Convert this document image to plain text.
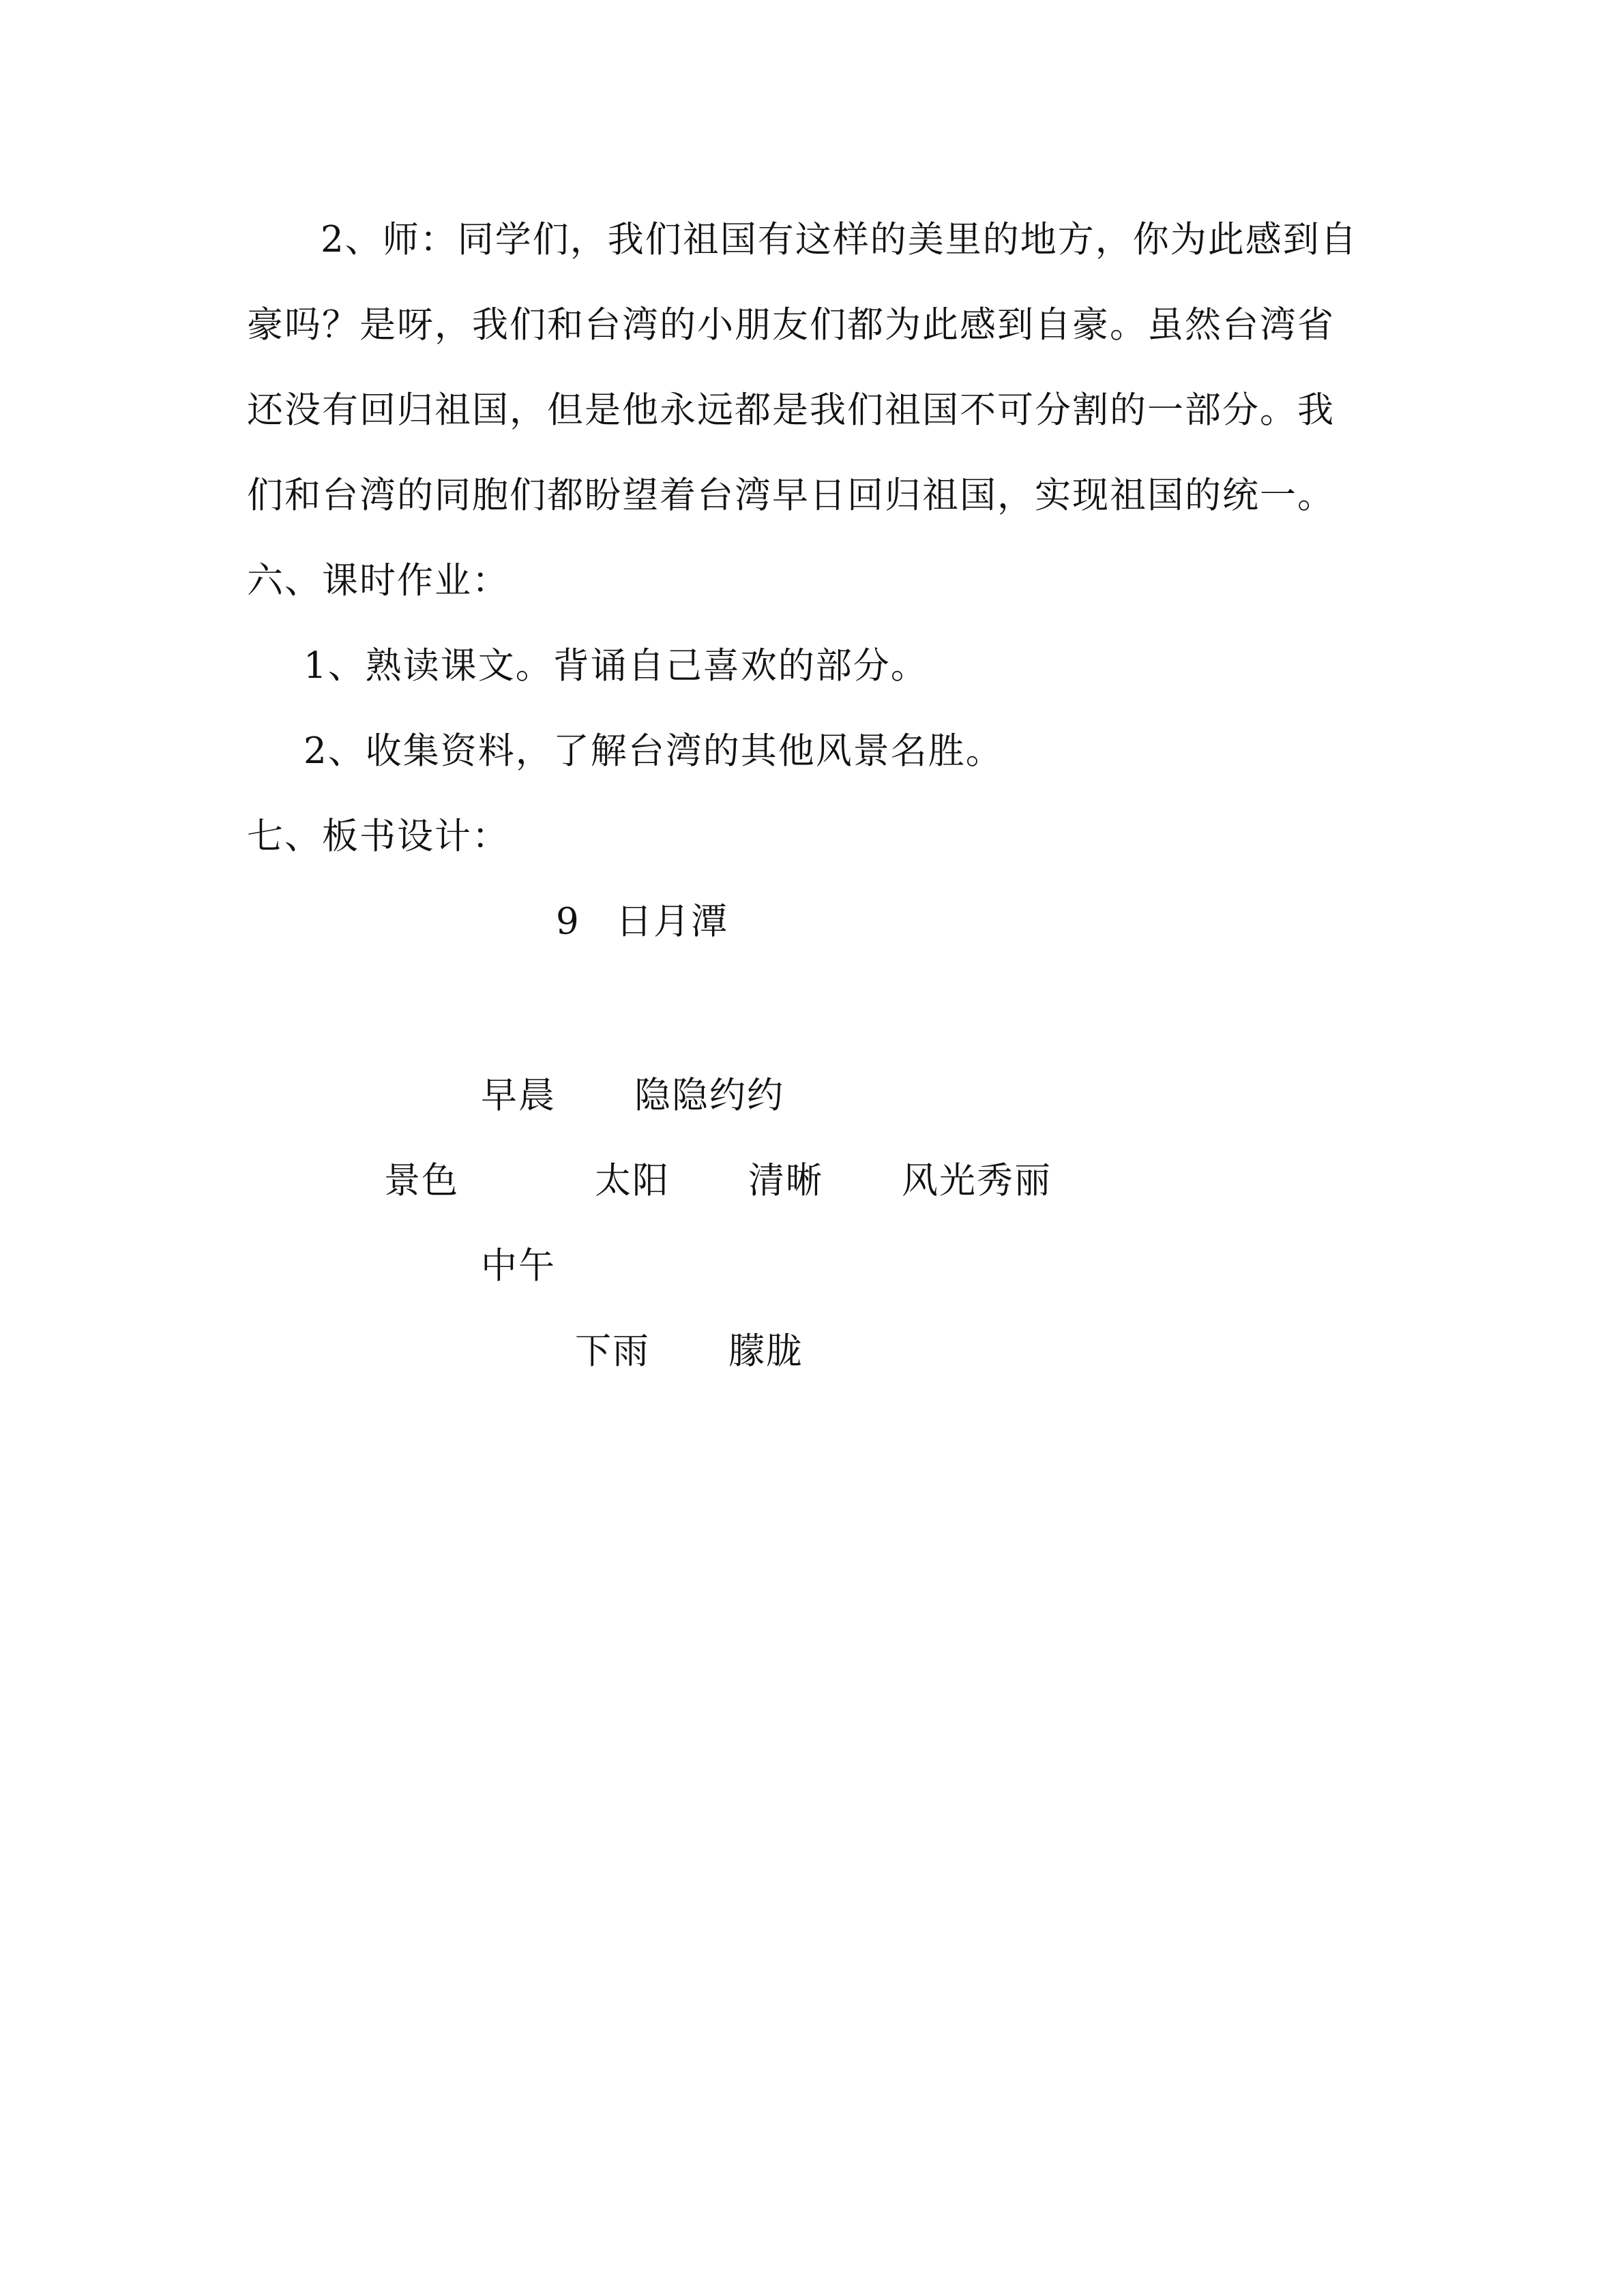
2、师：同学们，我们祖国有这样的美里的地方，你为此感到自
豪吗？是呀，我们和台湾的小朋友们都为此感到自豪。虽然台湾省
还没有回归祖国，但是他永远都是我们祖国不可分割的一部分。我
们和台湾的同胞们都盼望着台湾早日回归祖国，实现祖国的统一。
六、课时作业：
1、熟读课文。背诵自己喜欢的部分。
2、收集资料，了解台湾的其他风景名胜。
七、板书设计：
9 日月潭
早晨 隐隐约约
景色	太阳 清晰 风光秀丽
中午
下雨 朦胧
